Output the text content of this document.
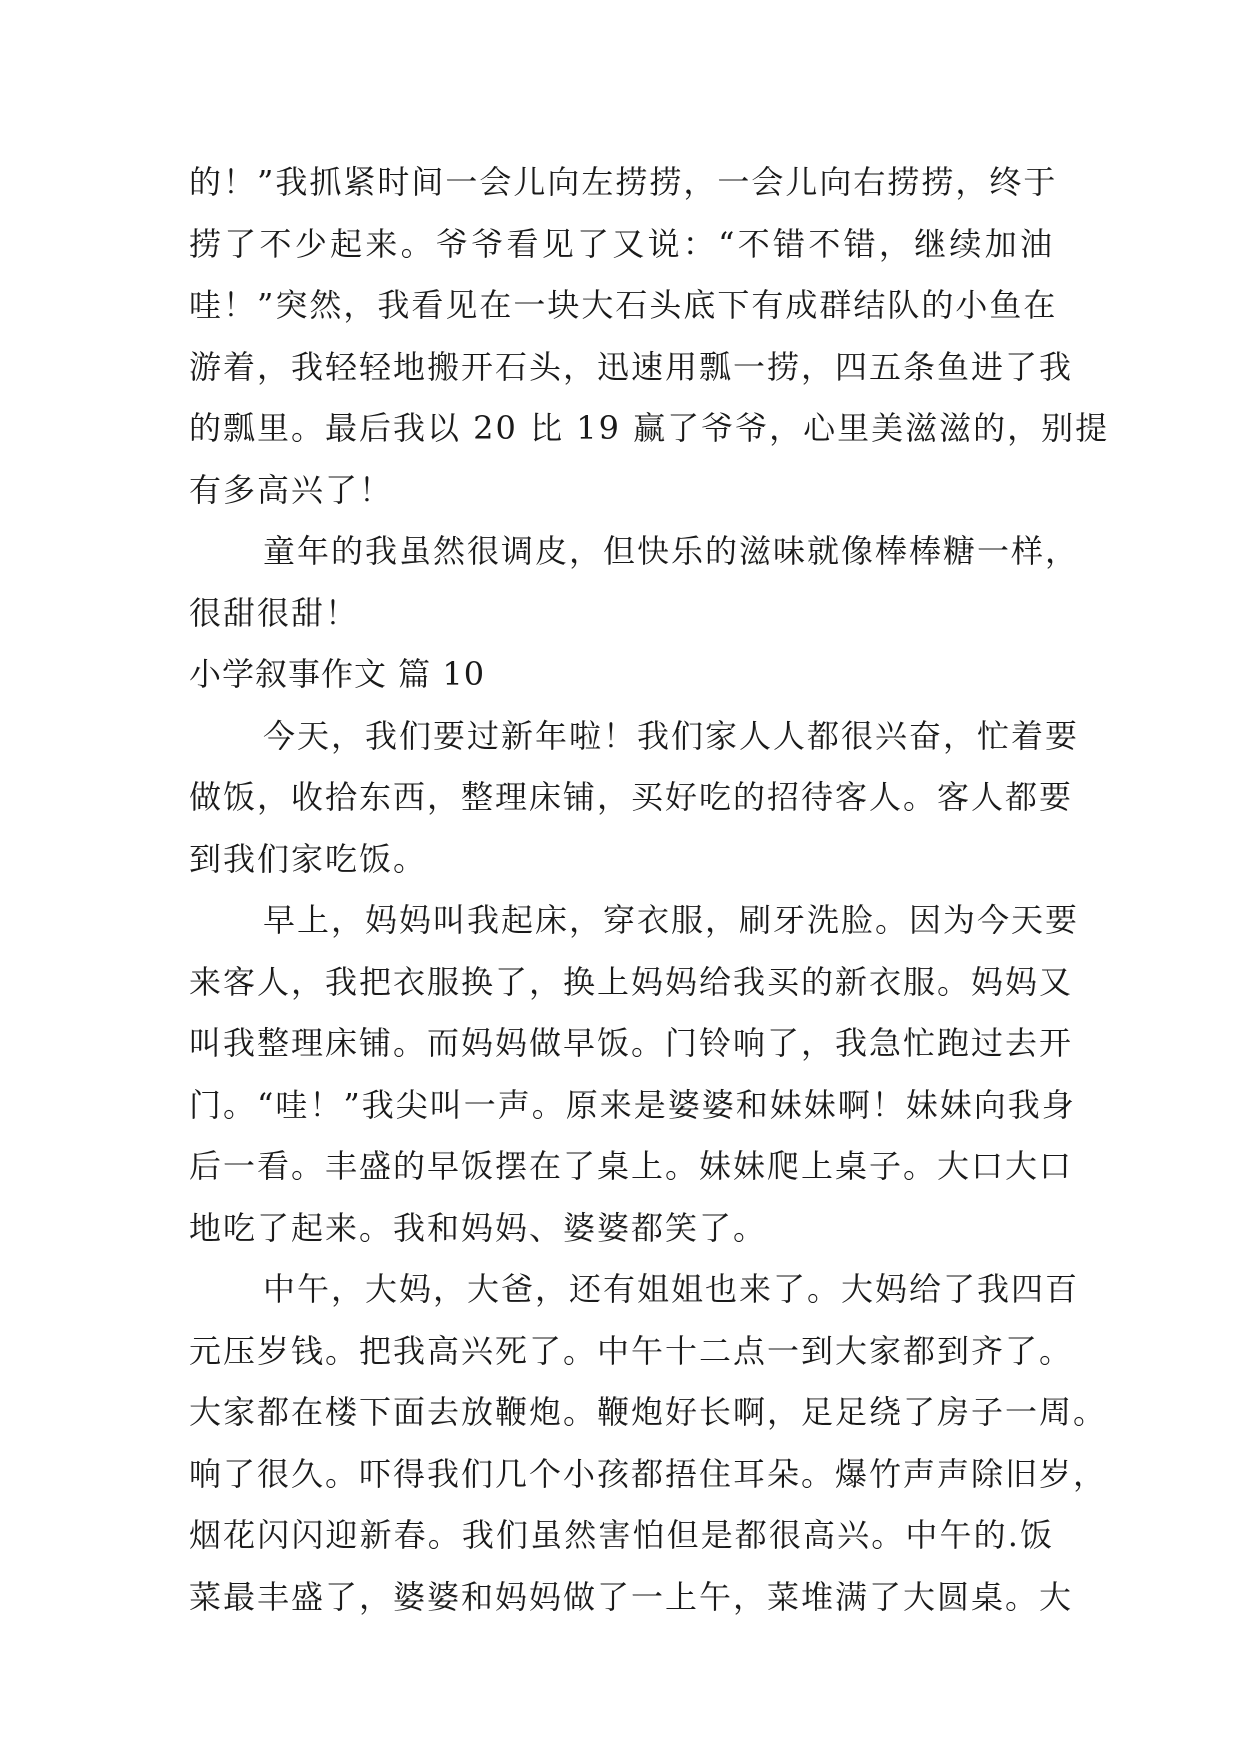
的！”我抓紧时间一会儿向左捞捞，一会儿向右捞捞，终于
捞了不少起来。爷爷看见了又说：“不错不错，继续加油
哇！”突然，我看见在一块大石头底下有成群结队的小鱼在
游着，我轻轻地搬开石头，迅速用瓢一捞，四五条鱼进了我
的瓢里。最后我以 20 比 19 赢了爷爷，心里美滋滋的，别提
有多高兴了！
童年的我虽然很调皮，但快乐的滋味就像棒棒糖一样，
很甜很甜！
小学叙事作文 篇 10
今天，我们要过新年啦！我们家人人都很兴奋，忙着要
做饭，收拾东西，整理床铺，买好吃的招待客人。客人都要
到我们家吃饭。
早上，妈妈叫我起床，穿衣服，刷牙洗脸。因为今天要
来客人，我把衣服换了，换上妈妈给我买的新衣服。妈妈又
叫我整理床铺。而妈妈做早饭。门铃响了，我急忙跑过去开
门。“哇！”我尖叫一声。原来是婆婆和妹妹啊！妹妹向我身
后一看。丰盛的早饭摆在了桌上。妹妹爬上桌子。大口大口
地吃了起来。我和妈妈、婆婆都笑了。
中午，大妈，大爸，还有姐姐也来了。大妈给了我四百
元压岁钱。把我高兴死了。中午十二点一到大家都到齐了。
大家都在楼下面去放鞭炮。鞭炮好长啊，足足绕了房子一周。
响了很久。吓得我们几个小孩都捂住耳朵。爆竹声声除旧岁，
烟花闪闪迎新春。我们虽然害怕但是都很高兴。中午的.饭
菜最丰盛了，婆婆和妈妈做了一上午，菜堆满了大圆桌。大
